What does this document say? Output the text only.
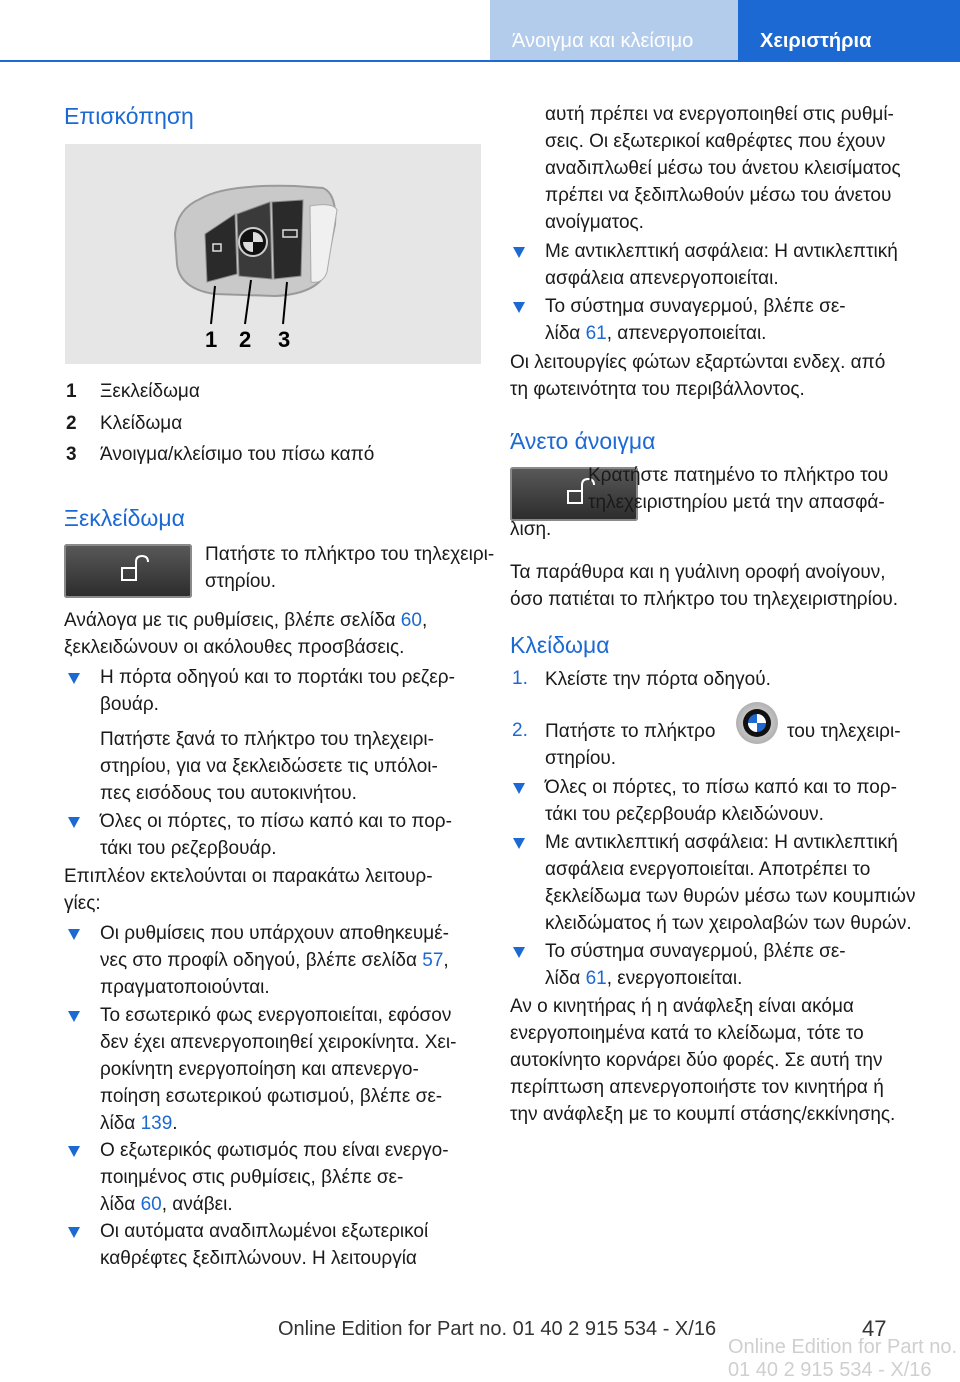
Άνοιγμα και κλείσιμο	Χειριστήρια
Επισκόπηση
1 2 3
1 Ξεκλείδωμα
2 Κλείδωμα
3 Άνοιγμα/κλείσιμο του πίσω καπό
Ξεκλείδωμα
Πατήστε το πλήκτρο του τηλεχειρι-
στηρίου.
Ανάλογα με τις ρυθμίσεις, βλέπε σελίδα 60,
ξεκλειδώνουν οι ακόλουθες προσβάσεις.
Η πόρτα οδηγού και το πορτάκι του ρεζερ-
βουάρ.
Πατήστε ξανά το πλήκτρο του τηλεχειρι-
στηρίου, για να ξεκλειδώσετε τις υπόλοι-
πες εισόδους του αυτοκινήτου.
Όλες οι πόρτες, το πίσω καπό και το πορ-
τάκι του ρεζερβουάρ.
Επιπλέον εκτελούνται οι παρακάτω λειτουρ-
γίες:
Οι ρυθμίσεις που υπάρχουν αποθηκευμέ-
νες στο προφίλ οδηγού, βλέπε σελίδα 57,
πραγματοποιούνται.
Το εσωτερικό φως ενεργοποιείται, εφόσον
δεν έχει απενεργοποιηθεί χειροκίνητα. Χει-
ροκίνητη ενεργοποίηση και απενεργο-
ποίηση εσωτερικού φωτισμού, βλέπε σε-
λίδα 139.
Ο εξωτερικός φωτισμός που είναι ενεργο-
ποιημένος στις ρυθμίσεις, βλέπε σε-
λίδα 60, ανάβει.
Οι αυτόματα αναδιπλωμένοι εξωτερικοί
καθρέφτες ξεδιπλώνουν. Η λειτουργία
αυτή πρέπει να ενεργοποιηθεί στις ρυθμί-
σεις. Οι εξωτερικοί καθρέφτες που έχουν
αναδιπλωθεί μέσω του άνετου κλεισίματος
πρέπει να ξεδιπλωθούν μέσω του άνετου
ανοίγματος.
Με αντικλεπτική ασφάλεια: Η αντικλεπτική
ασφάλεια απενεργοποιείται.
Το σύστημα συναγερμού, βλέπε σε-
λίδα 61, απενεργοποιείται.
Οι λειτουργίες φώτων εξαρτώνται ενδεχ. από
τη φωτεινότητα του περιβάλλοντος.
Άνετο άνοιγμα
Κρατήστε πατημένο το πλήκτρο του
τηλεχειριστηρίου μετά την απασφά-
λιση.
Τα παράθυρα και η γυάλινη οροφή ανοίγουν,
όσο πατιέται το πλήκτρο του τηλεχειριστηρίου.
Κλείδωμα
1. Κλείστε την πόρτα οδηγού.
2. Πατήστε το πλήκτρο	του τηλεχειρι-
στηρίου.
Όλες οι πόρτες, το πίσω καπό και το πορ-
τάκι του ρεζερβουάρ κλειδώνουν.
Με αντικλεπτική ασφάλεια: Η αντικλεπτική
ασφάλεια ενεργοποιείται. Αποτρέπει το
ξεκλείδωμα των θυρών μέσω των κουμπιών
κλειδώματος ή των χειρολαβών των θυρών.
Το σύστημα συναγερμού, βλέπε σε-
λίδα 61, ενεργοποιείται.
Αν ο κινητήρας ή η ανάφλεξη είναι ακόμα
ενεργοποιημένα κατά το κλείδωμα, τότε το
αυτοκίνητο κορνάρει δύο φορές. Σε αυτή την
περίπτωση απενεργοποιήστε τον κινητήρα ή
την ανάφλεξη με το κουμπί στάσης/εκκίνησης.
Online Edition for Part no. 01 40 2 915 534 - X/16	47
Online Edition for Part no. 01 40 2 915 534 - X/16
